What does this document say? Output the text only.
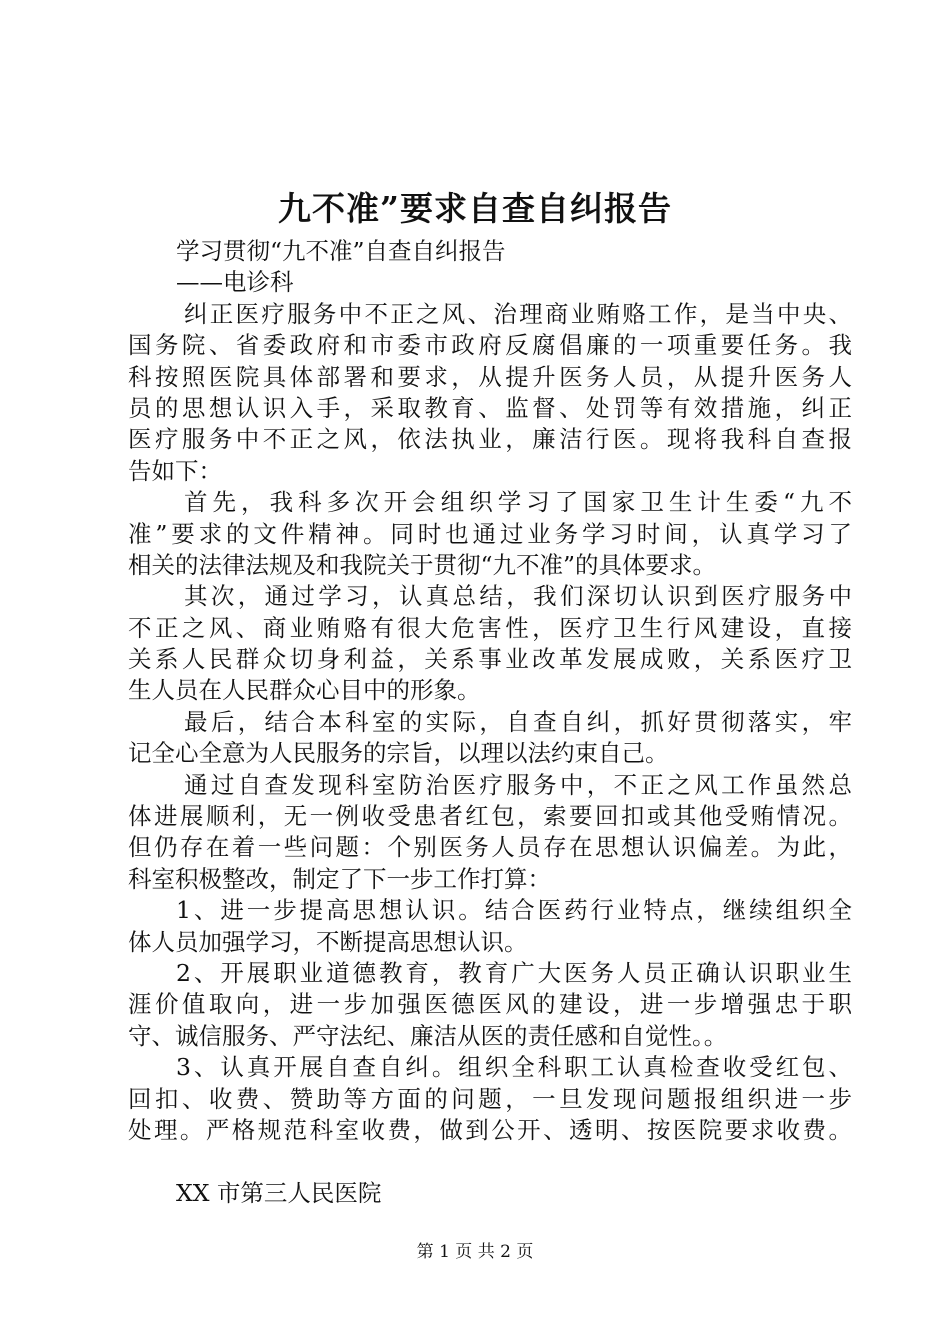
九不准”要求自查自纠报告

学习贯彻“九不准”自查自纠报告

——电诊科

纠正医疗服务中不正之风、治理商业贿赂工作，是当中央、

国务院、省委政府和市委市政府反腐倡廉的一项重要任务。我

科按照医院具体部署和要求，从提升医务人员，从提升医务人

员的思想认识入手，采取教育、监督、处罚等有效措施，纠正

医疗服务中不正之风，依法执业，廉洁行医。现将我科自查报

告如下：

首先，我科多次开会组织学习了国家卫生计生委“九不

准”要求的文件精神。同时也通过业务学习时间，认真学习了

相关的法律法规及和我院关于贯彻“九不准”的具体要求。

其次，通过学习，认真总结，我们深切认识到医疗服务中

不正之风、商业贿赂有很大危害性，医疗卫生行风建设，直接

关系人民群众切身利益，关系事业改革发展成败，关系医疗卫

生人员在人民群众心目中的形象。

最后，结合本科室的实际，自查自纠，抓好贯彻落实，牢

记全心全意为人民服务的宗旨，以理以法约束自己。

通过自查发现科室防治医疗服务中，不正之风工作虽然总

体进展顺利，无一例收受患者红包，索要回扣或其他受贿情况。

但仍存在着一些问题：个别医务人员存在思想认识偏差。为此，

科室积极整改，制定了下一步工作打算：

1、进一步提高思想认识。结合医药行业特点，继续组织全

体人员加强学习，不断提高思想认识。

2、开展职业道德教育，教育广大医务人员正确认识职业生

涯价值取向，进一步加强医德医风的建设，进一步增强忠于职

守、诚信服务、严守法纪、廉洁从医的责任感和自觉性。。

3、认真开展自查自纠。组织全科职工认真检查收受红包、

回扣、收费、赞助等方面的问题，一旦发现问题报组织进一步

处理。严格规范科室收费，做到公开、透明、按医院要求收费。

XX 市第三人民医院

第 1 页 共 2 页
